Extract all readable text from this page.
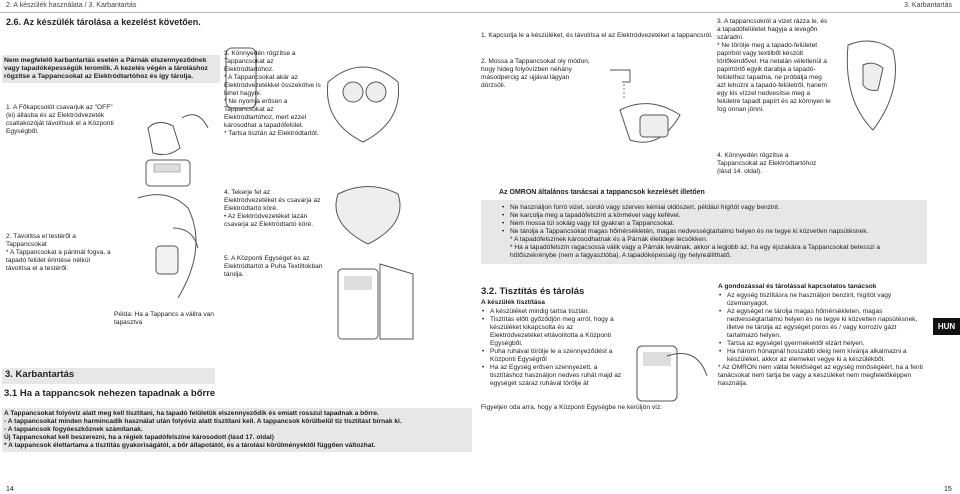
2. A készülék használata / 3. Karbantartás	3. Karbantartás
2.6. Az készülék tárolása a kezelést követően.
Nem megfelelő karbantartás esetén a Párnák elszennyeződnek vagy tapadóképességük leromlik. A kezelés végén a tároláshoz rögzítse a Tappancsokat az Elektródtartóhoz és így tárolja.
1. A Főkapcsolót csavarjuk az "OFF" (ki) állásba és az Elektródvezeték csatlakozóját távolítsuk el a Központi Egységből.
2. Távolítsa el testéről a Tappancsokat
* A Tappancsokat a pántnál fogva, a tapadó felület érintése nélkül távolítsa el a testéről.
Példa: Ha a Tappancs a vállra van tapasztva
3. Könnyedén rögzítse a Tappancsokat az Elektródtartóhoz.
* A Tappancsokat akár az Elektródvezetékkel összekötve is lehet hagyni.
* Ne nyomja erősen a Tappancsokat az Elektródtartóhoz, mert ezzel károsodhat a tapadófelület.
* Tartsa tisztán az Elektródtartót.
4. Tekerje fel az Elektródvezetéket és csavarja az Elektródtartó köré.
• Az Elektródvezetéket lazán csavarja az Elektródtartó köré.
5. A Központi Egységet és az Elektródtartót a Puha Textiltokban tárolja.
3. Karbantartás
3.1 Ha a tappancsok nehezen tapadnak a bőrre
A Tappancsokat folyóvíz alatt meg kell tisztítani, ha tapadó felületük elszennyeződik és emiatt rosszul tapadnak a bőrre.
- A tappancsokat minden harmincadik használat után folyóvíz alatt tisztítani kell. A tappancsok körülbelül tíz tisztítást bírnak ki.
- A tappancsok fogyóeszköznek számítanak.
Új Tappancsokat kell beszerezni, ha a régiek tapadófelszíne károsodott (lásd 17. oldal)
* A tappancsok élettartama a tisztítás gyakoriságától, a bőr állapotától, és a tárolási körülményektől függően változhat.
14
1. Kapcsolja le a készüléket, és távolítsa el az Elektródvezetéket a tappancsról.
2. Mossa a Tappancsokat oly módon, hogy hideg folyóvízben néhány másodpercig az ujjával lágyan dörzsöli.
3. A tappancsokról a vizet rázza le, és a tapadófelületet hagyja a levegőn száradni.
* Ne törölje meg a tapadó-felületet papírból vagy textilből készült törlőkendővel. Ha netalán véletlenül a papírtörlő egyik darabja a tapadó-felülethez tapadna, ne próbálja meg azt lehúzni a tapadó-felületről, hanem egy kis vízzel nedvesítse meg a felületre tapadt papírt és az könnyen le fog onnan jönni.
4. Könnyedén rögzítse a Tappancsokat az Elektródtartóhoz (lásd 14. oldal).
Az OMRON általános tanácsai a tappancsok kezelését illetően
• Ne használjon forró vizet, súroló vagy szerves kémiai oldószert, például hígítót vagy benzint.
• Ne karcolja meg a tapadófelszínt a körmével vagy kefével.
• Nem mossa túl sokáig vagy túl gyakran a Tappancsokat.
• Ne tárolja a Tappancsokat magas hőmérsékletén, magas nedvességtartalmú helyen és ne tegye ki közvetlen napsütésnek.
* A tapadófelszínek károsodhatnak és a Párnák életideje lecsökken.
* Ha a tapadófelszín ragacsossá válik vagy a Párnák leválnak, akkor a legjobb az, ha egy éjszakára a Tappancsokat betesszi a hűtőszekrénybe (nem a fagyasztóba). A tapadóképesség így helyreállíthatő.
3.2. Tisztítás és tárolás
A készülék tisztítása
• A készüléket mindig tartsa tisztán.
• Tisztítás előtt győződjön meg arról, hogy a készüléket kikapcsolta és az Elektródvezetéket eltávolította a Központi Egységből.
• Puha ruhával törölje le a szennyeződést a Központi Egységről
• Ha az Egység erősen szennyezett, a tisztításhoz használjon nedves ruhát majd az egységet száraz ruhával törölje át
Figyeljen oda arra, hogy a Központi Egységbe ne kerüljön víz.
A gondozással és tárolással kapcsolatos tanácsok
• Az egység tisztításra ne használjon benzint, hígítót vagy üzemanyagot.
• Az egységet ne tárolja magas hőmérsékleten, magas nedvességtartalmú helyen és ne tegye ki közvetlen napsütésnek, illetve ne tárolja az egységet poros és / vagy korrozív gázt tartalmazó helyen.
• Tartsa az egységet gyermekektől elzárt helyen.
• Ha három hónapnál hosszabb ideig nem kívánja alkalmazni a készüléket, akkor az elemeket vegye ki a készülékből.
* Az OMRON nem vállal felelőséget az egység minőségéért, ha a fenti tanácsokat nem tartja be vagy a készüléket nem megfelelőképpen használja.
HUN
15
